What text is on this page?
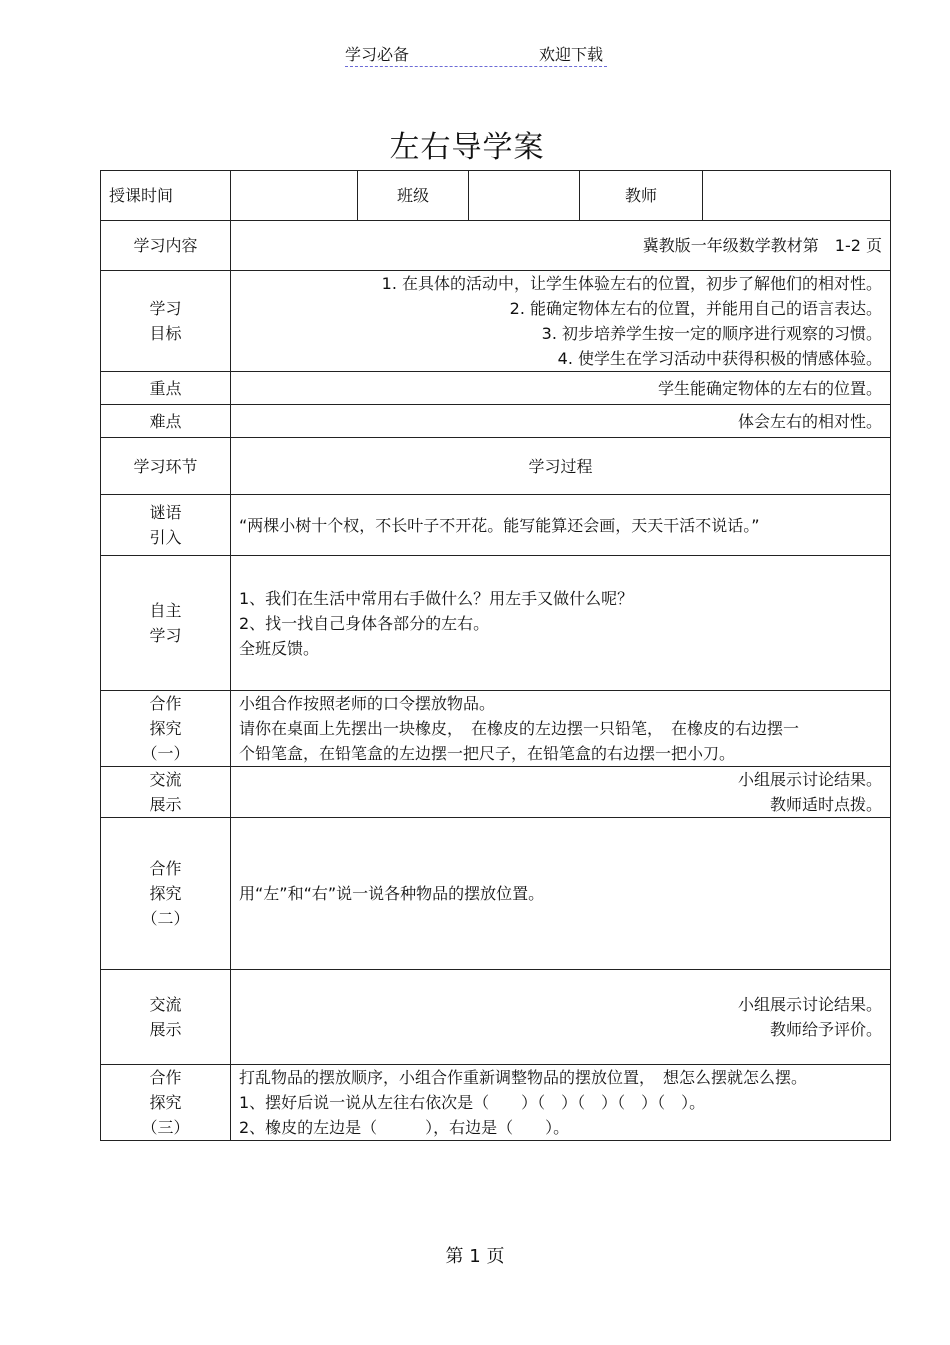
学习必备	欢迎下载
左右导学案
授课时间		班级		教师	
学习内容	冀教版一年级数学教材第　1-2 页				

学习
目标	1. 在具体的活动中，让学生体验左右的位置，初步了解他们的相对性。
2. 能确定物体左右的位置，并能用自己的语言表达。
3. 初步培养学生按一定的顺序进行观察的习惯。
4. 使学生在学习活动中获得积极的情感体验。				

重点	学生能确定物体的左右的位置。				
难点	体会左右的相对性。				
学习环节	学习过程				

谜语
引入	“两棵小树十个杈，不长叶子不开花。能写能算还会画，天天干活不说话。”				

自主
学习	1、我们在生活中常用右手做什么？用左手又做什么呢？
2、找一找自己身体各部分的左右。
全班反馈。				

合作
探究
（一）	小组合作按照老师的口令摆放物品。
请你在桌面上先摆出一块橡皮，　在橡皮的左边摆一只铅笔，　在橡皮的右边摆一
个铅笔盒，在铅笔盒的左边摆一把尺子，在铅笔盒的右边摆一把小刀。				

交流
展示	小组展示讨论结果。
教师适时点拨。				

合作
探究
（二）	用“左”和“右”说一说各种物品的摆放位置。				

交流
展示	小组展示讨论结果。
教师给予评价。				

合作
探究
（三）	打乱物品的摆放顺序，小组合作重新调整物品的摆放位置，　想怎么摆就怎么摆。
1、摆好后说一说从左往右依次是（　　）（　）（　）（　）（　）。
2、橡皮的左边是（　　　），右边是（　　）。				
第 1 页
